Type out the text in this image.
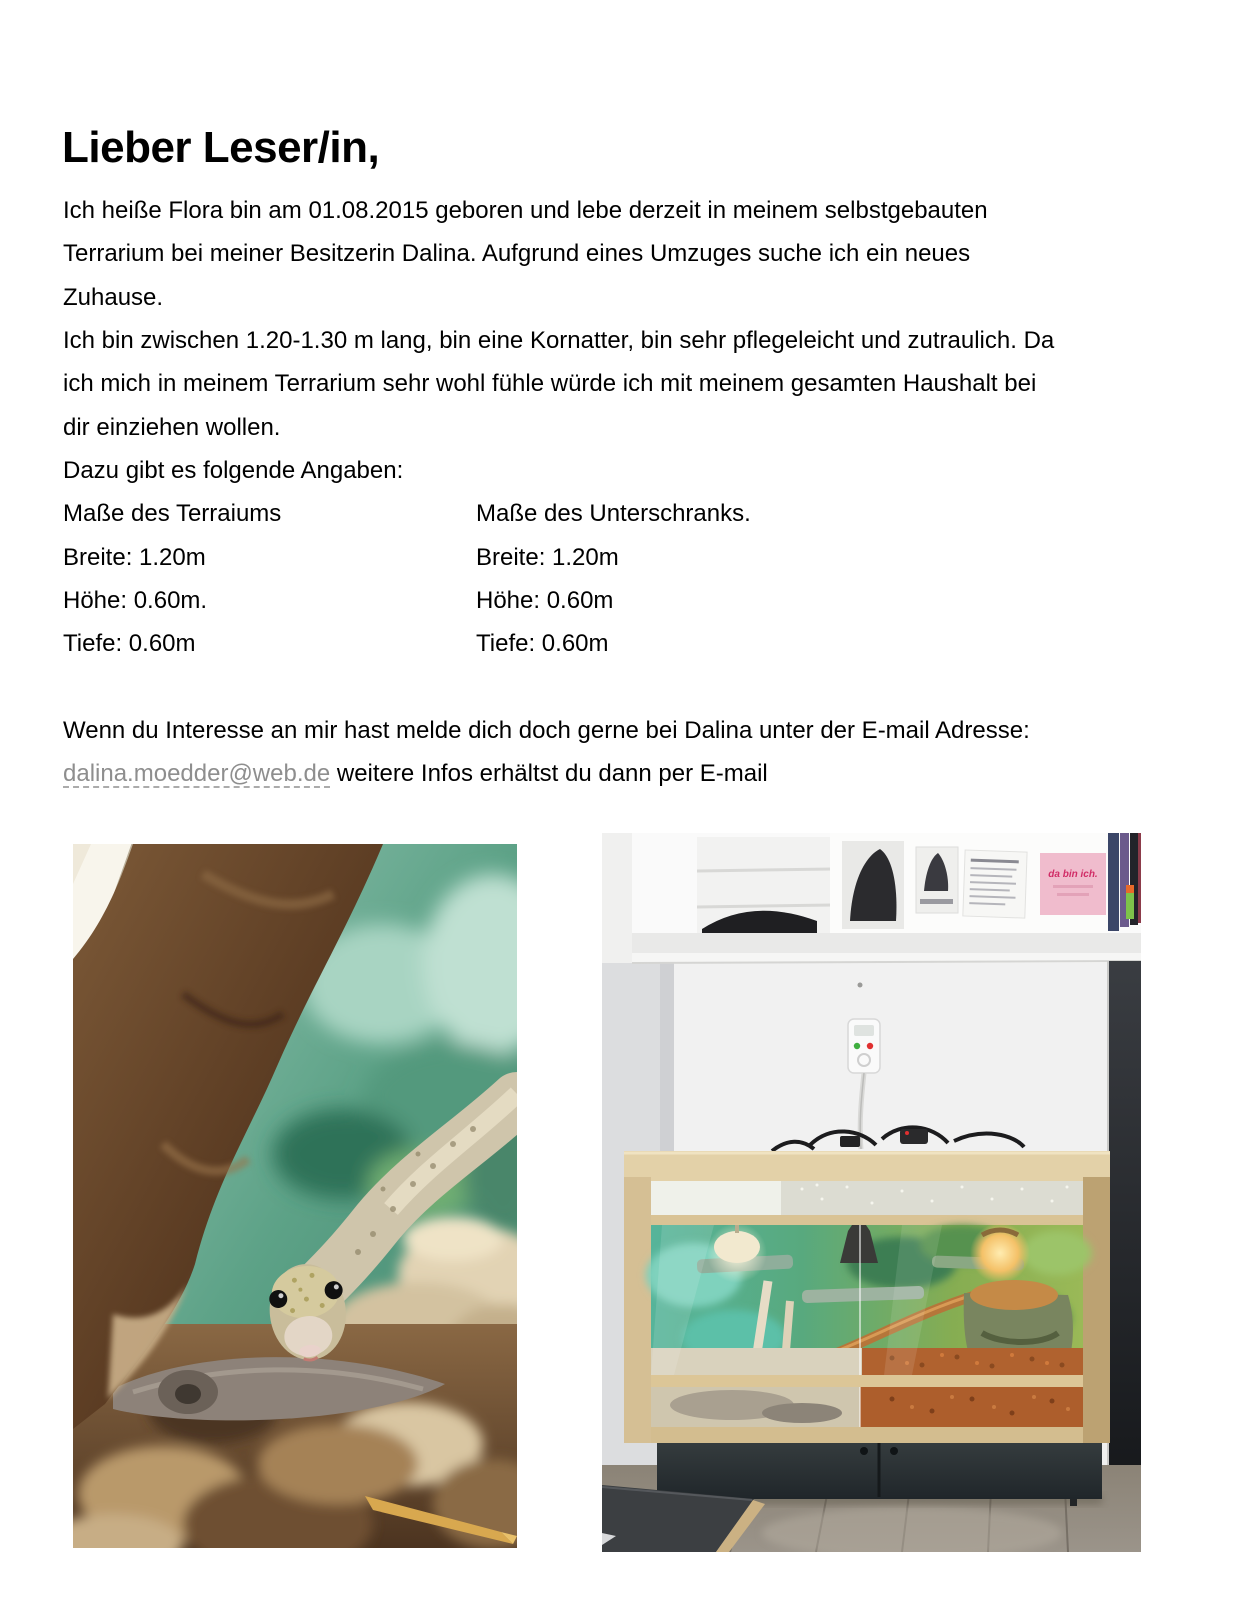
Lieber Leser/in,
Ich heiße Flora bin am 01.08.2015 geboren und lebe derzeit in meinem selbstgebauten
Terrarium bei meiner Besitzerin Dalina. Aufgrund eines Umzuges suche ich ein neues
Zuhause.
Ich bin zwischen 1.20-1.30 m lang, bin eine Kornatter, bin sehr pflegeleicht und zutraulich. Da
ich mich in meinem Terrarium sehr wohl fühle würde ich mit meinem gesamten Haushalt bei
dir einziehen wollen.
Dazu gibt es folgende Angaben:
Maße des Terraiums	Maße des Unterschranks.
Breite: 1.20m	Breite: 1.20m
Höhe: 0.60m.	Höhe: 0.60m
Tiefe: 0.60m	Tiefe: 0.60m
Wenn du Interesse an mir hast melde dich doch gerne bei Dalina unter der E-mail Adresse:
dalina.moedder@web.de weitere Infos erhältst du dann per E-mail
da bin ich.
